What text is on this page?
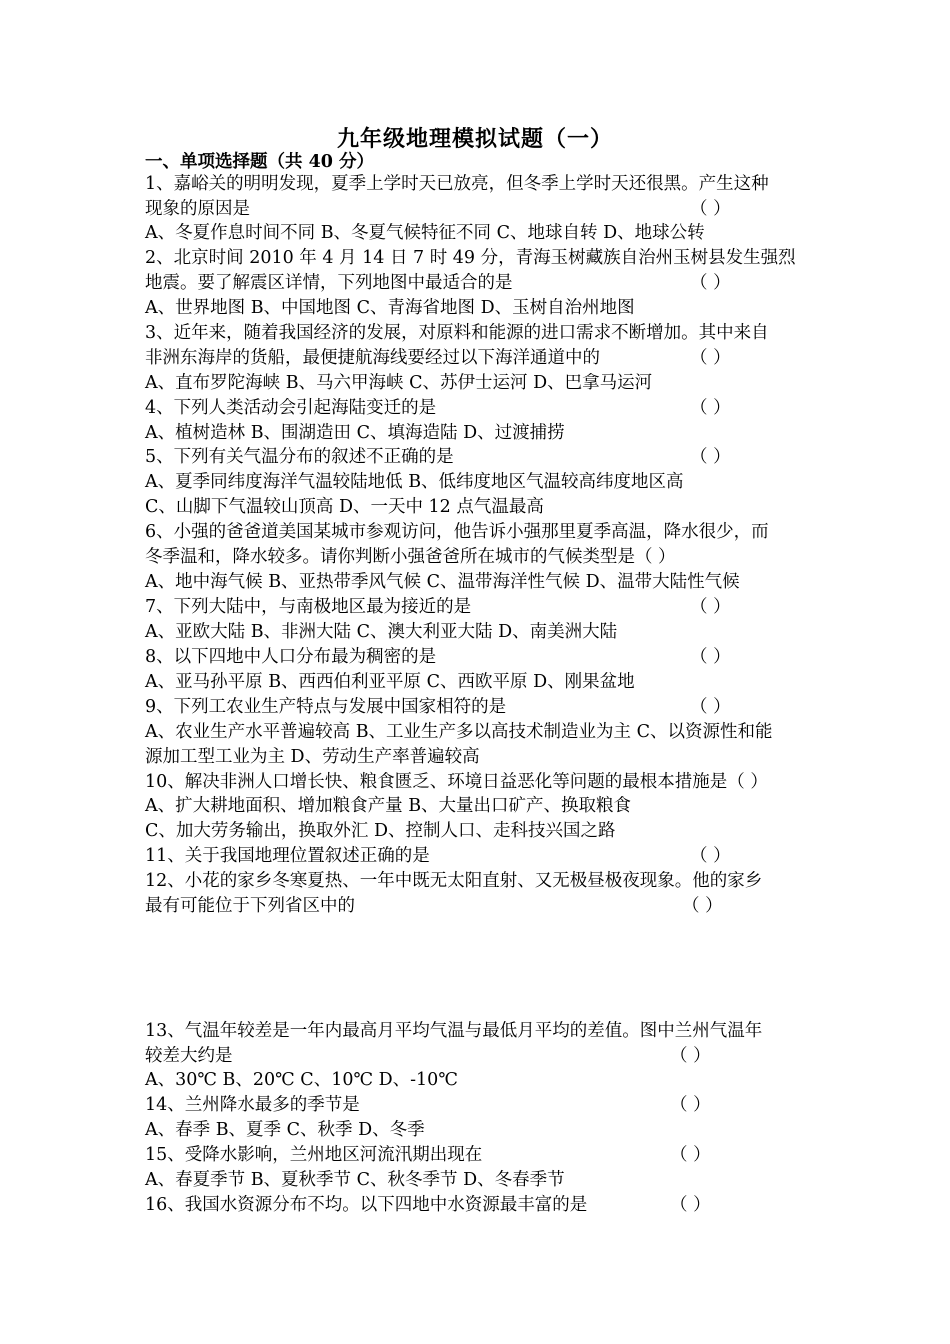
九年级地理模拟试题（一）
一、单项选择题（共 40 分）
1、嘉峪关的明明发现，夏季上学时天已放亮，但冬季上学时天还很黑。产生这种
现象的原因是	（ ）
A、冬夏作息时间不同 B、冬夏气候特征不同 C、地球自转 D、地球公转
2、北京时间 2010 年 4 月 14 日 7 时 49 分，青海玉树藏族自治州玉树县发生强烈
地震。要了解震区详情，下列地图中最适合的是	（ ）
A、世界地图 B、中国地图 C、青海省地图 D、玉树自治州地图
3、近年来，随着我国经济的发展，对原料和能源的进口需求不断增加。其中来自
非洲东海岸的货船，最便捷航海线要经过以下海洋通道中的	（ ）
A、直布罗陀海峡 B、马六甲海峡 C、苏伊士运河 D、巴拿马运河
4、下列人类活动会引起海陆变迁的是	（ ）
A、植树造林 B、围湖造田 C、填海造陆 D、过渡捕捞
5、下列有关气温分布的叙述不正确的是	（ ）
A、夏季同纬度海洋气温较陆地低 B、低纬度地区气温较高纬度地区高
C、山脚下气温较山顶高 D、一天中 12 点气温最高
6、小强的爸爸道美国某城市参观访问，他告诉小强那里夏季高温，降水很少，而
冬季温和，降水较多。请你判断小强爸爸所在城市的气候类型是（ ）
A、地中海气候 B、亚热带季风气候 C、温带海洋性气候 D、温带大陆性气候
7、下列大陆中，与南极地区最为接近的是	（ ）
A、亚欧大陆 B、非洲大陆 C、澳大利亚大陆 D、南美洲大陆
8、以下四地中人口分布最为稠密的是	（ ）
A、亚马孙平原 B、西西伯利亚平原 C、西欧平原 D、刚果盆地
9、下列工农业生产特点与发展中国家相符的是	（ ）
A、农业生产水平普遍较高 B、工业生产多以高技术制造业为主 C、以资源性和能
源加工型工业为主 D、劳动生产率普遍较高
10、解决非洲人口增长快、粮食匮乏、环境日益恶化等问题的最根本措施是（ ）
A、扩大耕地面积、增加粮食产量 B、大量出口矿产、换取粮食
C、加大劳务输出，换取外汇 D、控制人口、走科技兴国之路
11、关于我国地理位置叙述正确的是	（ ）
12、小花的家乡冬寒夏热、一年中既无太阳直射、又无极昼极夜现象。他的家乡
最有可能位于下列省区中的	（ ）
13、气温年较差是一年内最高月平均气温与最低月平均的差值。图中兰州气温年
较差大约是	（ ）
A、30℃ B、20℃ C、10℃ D、-10℃
14、兰州降水最多的季节是	（ ）
A、春季 B、夏季 C、秋季 D、冬季
15、受降水影响，兰州地区河流汛期出现在	（ ）
A、春夏季节 B、夏秋季节 C、秋冬季节 D、冬春季节
16、我国水资源分布不均。以下四地中水资源最丰富的是	（ ）
